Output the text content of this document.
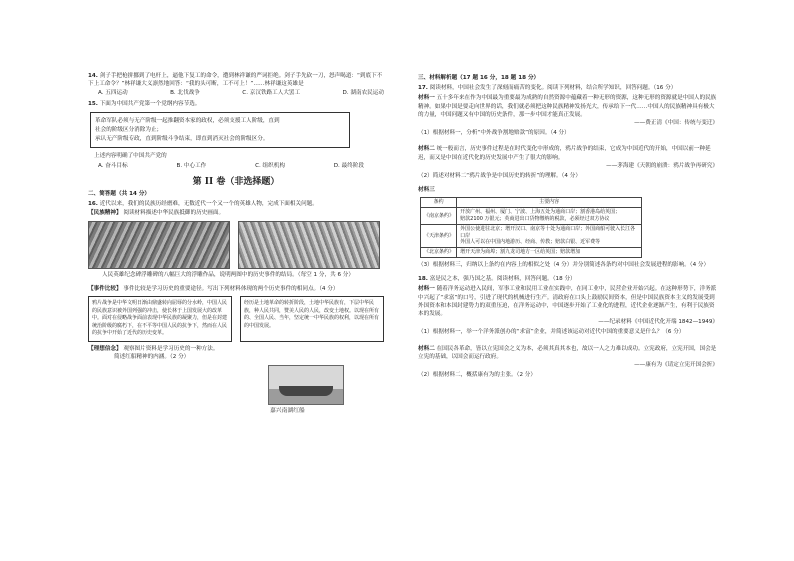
14. 剑子手把枪拼挪到了电杆上，逼他下复工的命令，遭到林祥谦的严词拒绝。剑子手先砍一刀，怒声喝道：“到底下不下上工命令？”林祥谦大义凛然地回答：“我的头可断，工不可上！”……林祥谦这英雄是
A. 五四运动	B. 北伐战争	C. 京汉铁路工人大罢工	D. 湖南农民运动
15. 下面为中国共产党第一个党纲内容节选。
革命军队必须与无产阶级一起推翻资本家的政权，必须支援工人阶级，直到
社会的阶级区分消除为止；
承认无产阶级专政，直到阶级斗争结束，即直到消灭社会的阶级区分。
上述内容明确了中国共产党的
A. 奋斗目标	B. 中心工作	C. 组织机构	D. 最终阶段
第 II 卷（非选择题）
二、简答题（共 14 分）
16. 近代以来，我们的民族历经磨难，无数近代一个又一个的英雄人物，完成下面相关问题。
【民族精神】 阅读材料描述中华民族抵御的历史画面。
人民英雄纪念碑浮雕碑的八幅巨大的浮雕作品，说明两图中的历史事件的结局。（每空 1 分，共 6 分）
【事件比较】 事件比较是学习历史的重要途径。写出下列材料体现的两个历史事件的相同点。（4 分）
鸦片战争是中华文明日渐由鼎盛转向屈辱的分水岭，中国人民的民族意识被外国列强的冲击，使长林于上国发展大的改革中。面对在侵略战争面前表现中华民族的凝聚力，但是在封建统治阶级的腐朽下，在不平等中国人民的抗争下，然而在人民的抗争中开始了近代的历史变革。
经历是土地革命的转折阶段，土地中华民族有，下层中华民族，种人民共同，赞美人民的人民，改变土地权。以现在所有的、全国人民、当年，坚定统一中华民族的权利，以现在所有的中国发展。
【理想信念】 观察图片资料是学习历史的一种方法。
简述红船精神的内涵。（2 分）
嘉兴南湖红船
三、材料解析题（17 题 16 分，18 题 18 分）
17. 阅读材料，中国社会发生了深刻而痛苦的变化。阅读下列材料，结合所学知识，回答问题。（16 分）
材料一 五十多年来在作为中国最为重要最为成熟的自然资源中蕴藏着一种无形的资源，这种无形的资源就是中国人的民族精神。如果中国是要走向世界的话，我们就必须把这种民族精神发扬光大，传承给下一代……中国人的民族精神具有极大的力量，中国问题又有中国的历史条件，那一步中国才能真正发展。
——费正清《中国：传统与变迁》
（1）根据材料一，分析“中外战争割地赔款”的原因。（4 分）
材料二 统一般而言，历史事件过程是在时代变化中形成的，鸦片战争的结束，它成为中国近代的开始，中国以前一种延迟，而又是中国在近代化的历史发展中产生了很大的影响。
——茅海建《天朝的崩溃：鸦片战争再研究》
（2）简述对材料二“鸦片战争是中国历史的转折”的理解。（4 分）
材料三
条约	主要内容
《南京条约》	开放广州、福州、厦门、宁波、上海五处为通商口岸；割香港岛给英国；
赔款2100 万银元；英商进出口货物缴纳的税款，必须经过双方协议

《天津条约》	外国公使进驻北京；增开汉口、南京等十处为通商口岸；外国商船可驶入长江各口岸
外国人可以在中国内地游历、经商、传教；赔款白银、近军费等

《北京条约》	增开天津为商埠；割九龙司地方一区给英国；赔款增加
（3）根据材料三，归纳以上条约在内容上的相似之处（4 分）并分别简述各条约对中国社会发展进程的影响。（4 分）
18. 富是民之本，强乃国之基。阅读材料，回答问题。（18 分）
材料一 随着洋务运动进入民间，军事工业和民用工业在实践中，在同工业中，民营企业开始兴起。在这种形势下，洋务派中兴起了“求富”的口号，引进了现代的机械进行生产。清政府在口头上鼓励民间资本，但是中国民族资本主义的发展受到外国资本和本国封建势力的双重压迫，在洋务运动中，中国逐步开始了工业化的进程，近代企业逐渐产生，有利于民族资本的发展。
——纪录材料《中国近代化开端 1842—1949》
（1）根据材料一，举一个洋务派创办的“求富”企业，并简述该运动对近代中国的重要意义是什么？（6 分）
材料二 在国民各革命，皆以立宪国会之义为本，必须其真其本也，故以一人之力难以成功。立宪政府，立宪开国，国会是立宪的基础，以国会而运行政府。
——康有为《请定立宪开国会折》
（2）根据材料二，概括康有为的主张。（2 分）
